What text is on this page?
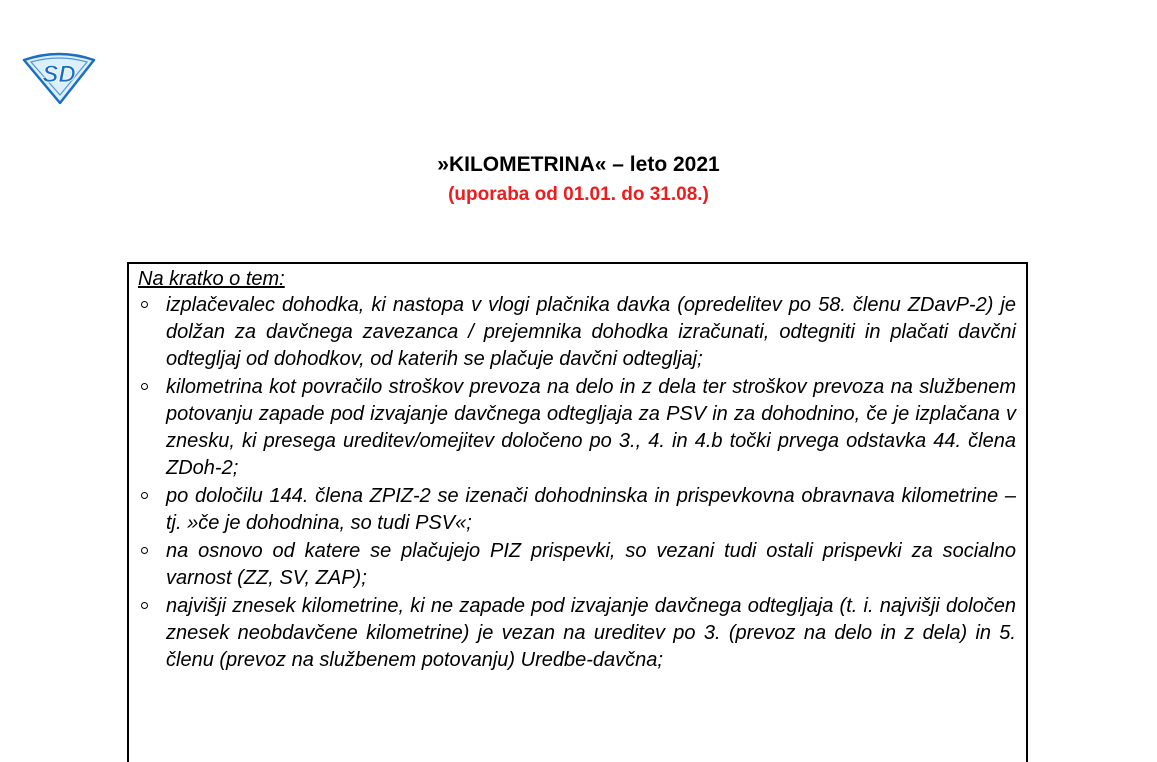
SD
»KILOMETRINA« – leto 2021
(uporaba od 01.01. do 31.08.)

Na kratko o tem:

izplačevalec dohodka, ki nastopa v vlogi plačnika davka (opredelitev po 58. členu ZDavP-2) je dolžan za davčnega zavezanca / prejemnika dohodka izračunati, odtegniti in plačati davčni odtegljaj od dohodkov, od katerih se plačuje davčni odtegljaj;
kilometrina kot povračilo stroškov prevoza na delo in z dela ter stroškov prevoza na službenem potovanju zapade pod izvajanje davčnega odtegljaja za PSV in za dohodnino, če je izplačana v znesku, ki presega ureditev/omejitev določeno po 3., 4. in 4.b točki prvega odstavka 44. člena ZDoh-2;
po določilu 144. člena ZPIZ-2 se izenači dohodninska in prispevkovna obravnava kilometrine – tj. »če je dohodnina, so tudi PSV«;
na osnovo od katere se plačujejo PIZ prispevki, so vezani tudi ostali prispevki za socialno varnost (ZZ, SV, ZAP);
najvišji znesek kilometrine, ki ne zapade pod izvajanje davčnega odtegljaja (t. i. najvišji določen znesek neobdavčene kilometrine) je vezan na ureditev po 3. (prevoz na delo in z dela) in 5. členu (prevoz na službenem potovanju) Uredbe-davčna;
